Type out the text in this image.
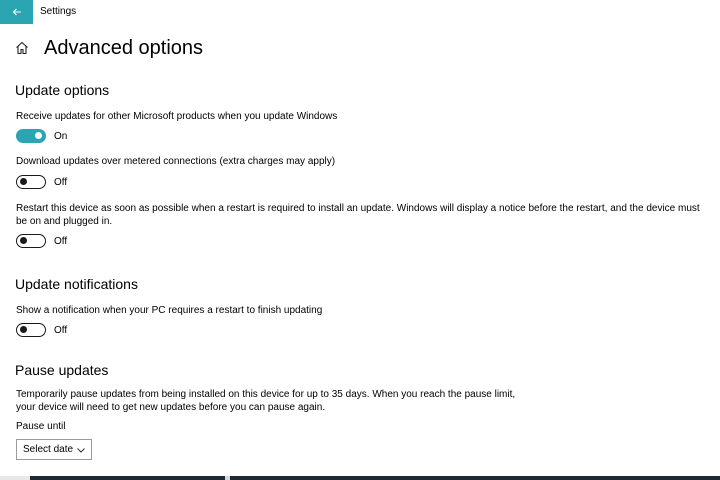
Settings
Advanced options
Update options
Receive updates for other Microsoft products when you update Windows
On
Download updates over metered connections (extra charges may apply)
Off
Restart this device as soon as possible when a restart is required to install an update. Windows will display a notice before the restart, and the device must be on and plugged in.
Off
Update notifications
Show a notification when your PC requires a restart to finish updating
Off
Pause updates
Temporarily pause updates from being installed on this device for up to 35 days. When you reach the pause limit, your device will need to get new updates before you can pause again.
Pause until
Select date
